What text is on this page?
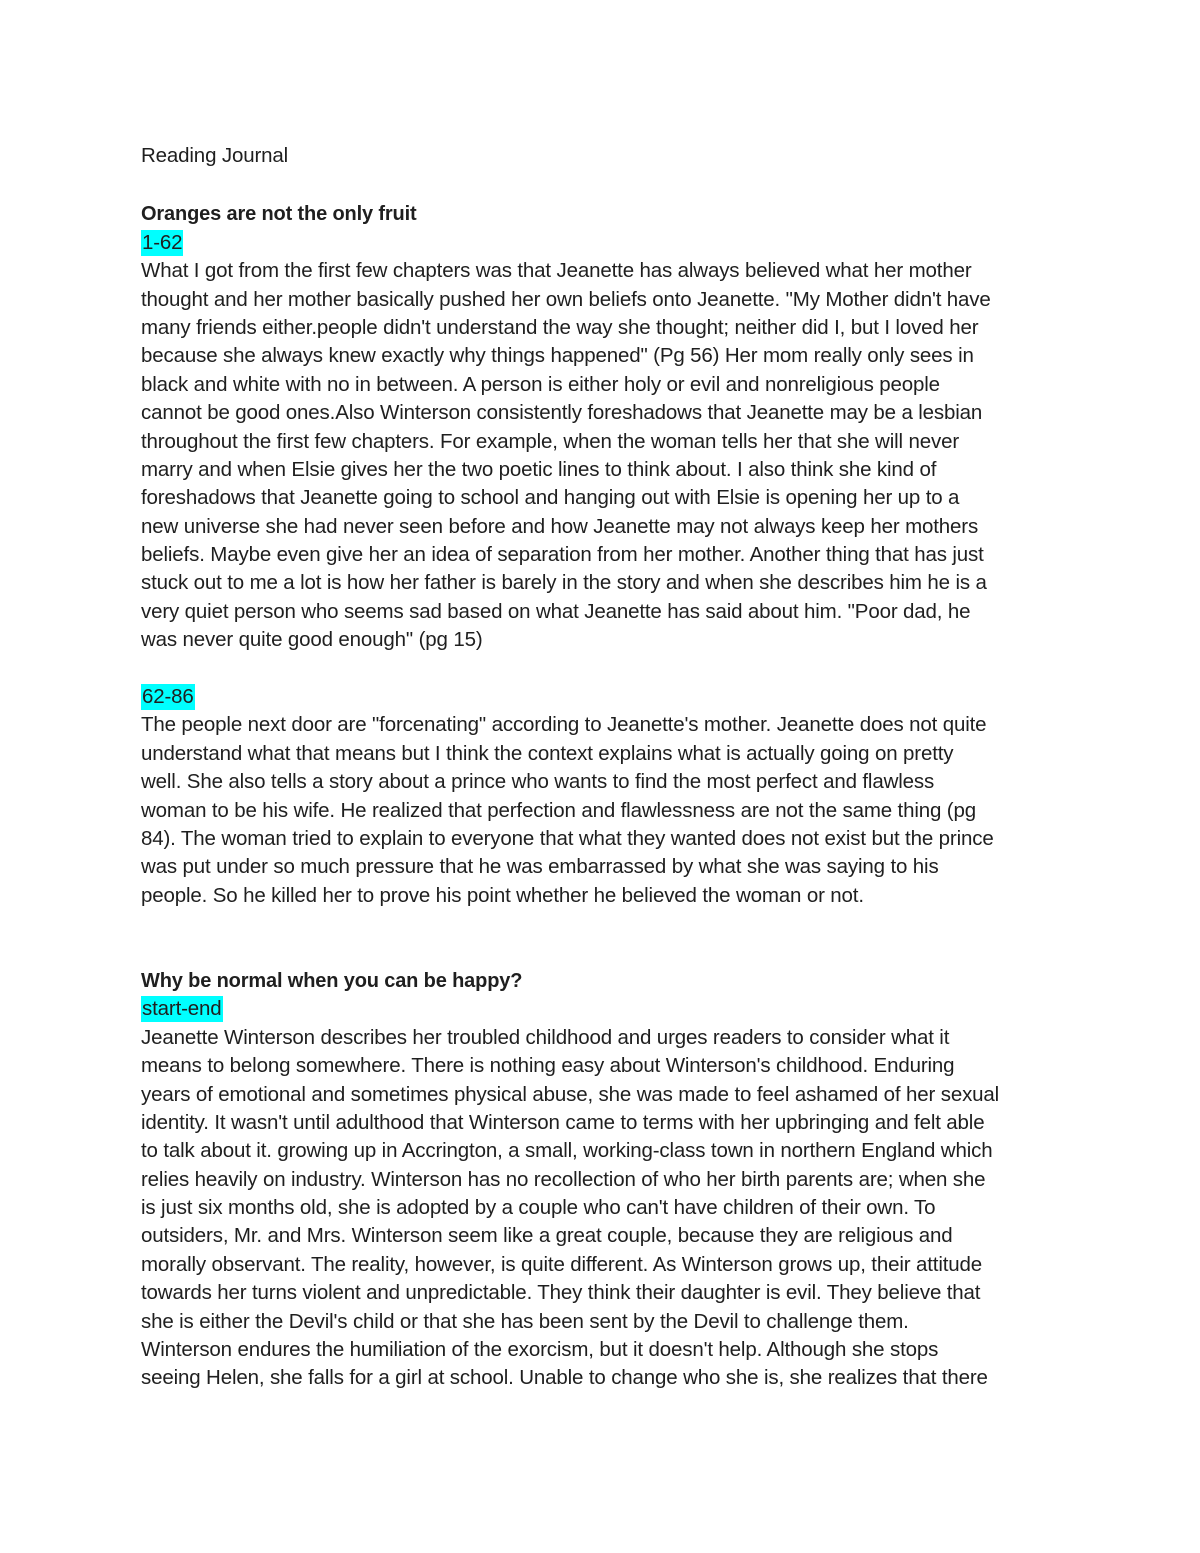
Reading Journal

Oranges are not the only fruit
1-62

What I got from the first few chapters was that Jeanette has always believed what her mother
thought and her mother basically pushed her own beliefs onto Jeanette. "My Mother didn't have
many friends either.people didn't understand the way she thought; neither did I, but I loved her
because she always knew exactly why things happened" (Pg 56) Her mom really only sees in
black and white with no in between. A person is either holy or evil and nonreligious people
cannot be good ones.Also Winterson consistently foreshadows that Jeanette may be a lesbian
throughout the first few chapters. For example, when the woman tells her that she will never
marry and when Elsie gives her the two poetic lines to think about. I also think she kind of
foreshadows that Jeanette going to school and hanging out with Elsie is opening her up to a
new universe she had never seen before and how Jeanette may not always keep her mothers
beliefs. Maybe even give her an idea of separation from her mother. Another thing that has just
stuck out to me a lot is how her father is barely in the story and when she describes him he is a
very quiet person who seems sad based on what Jeanette has said about him. "Poor dad, he
was never quite good enough" (pg 15)

62-86

The people next door are "forcenating" according to Jeanette's mother. Jeanette does not quite
understand what that means but I think the context explains what is actually going on pretty
well. She also tells a story about a prince who wants to find the most perfect and flawless
woman to be his wife. He realized that perfection and flawlessness are not the same thing (pg
84). The woman tried to explain to everyone that what they wanted does not exist but the prince
was put under so much pressure that he was embarrassed by what she was saying to his
people. So he killed her to prove his point whether he believed the woman or not.

Why be normal when you can be happy?
start-end

Jeanette Winterson describes her troubled childhood and urges readers to consider what it
means to belong somewhere. There is nothing easy about Winterson's childhood. Enduring
years of emotional and sometimes physical abuse, she was made to feel ashamed of her sexual
identity. It wasn't until adulthood that Winterson came to terms with her upbringing and felt able
to talk about it. growing up in Accrington, a small, working-class town in northern England which
relies heavily on industry. Winterson has no recollection of who her birth parents are; when she
is just six months old, she is adopted by a couple who can't have children of their own. To
outsiders, Mr. and Mrs. Winterson seem like a great couple, because they are religious and
morally observant. The reality, however, is quite different. As Winterson grows up, their attitude
towards her turns violent and unpredictable. They think their daughter is evil. They believe that
she is either the Devil's child or that she has been sent by the Devil to challenge them.
Winterson endures the humiliation of the exorcism, but it doesn't help. Although she stops
seeing Helen, she falls for a girl at school. Unable to change who she is, she realizes that there
